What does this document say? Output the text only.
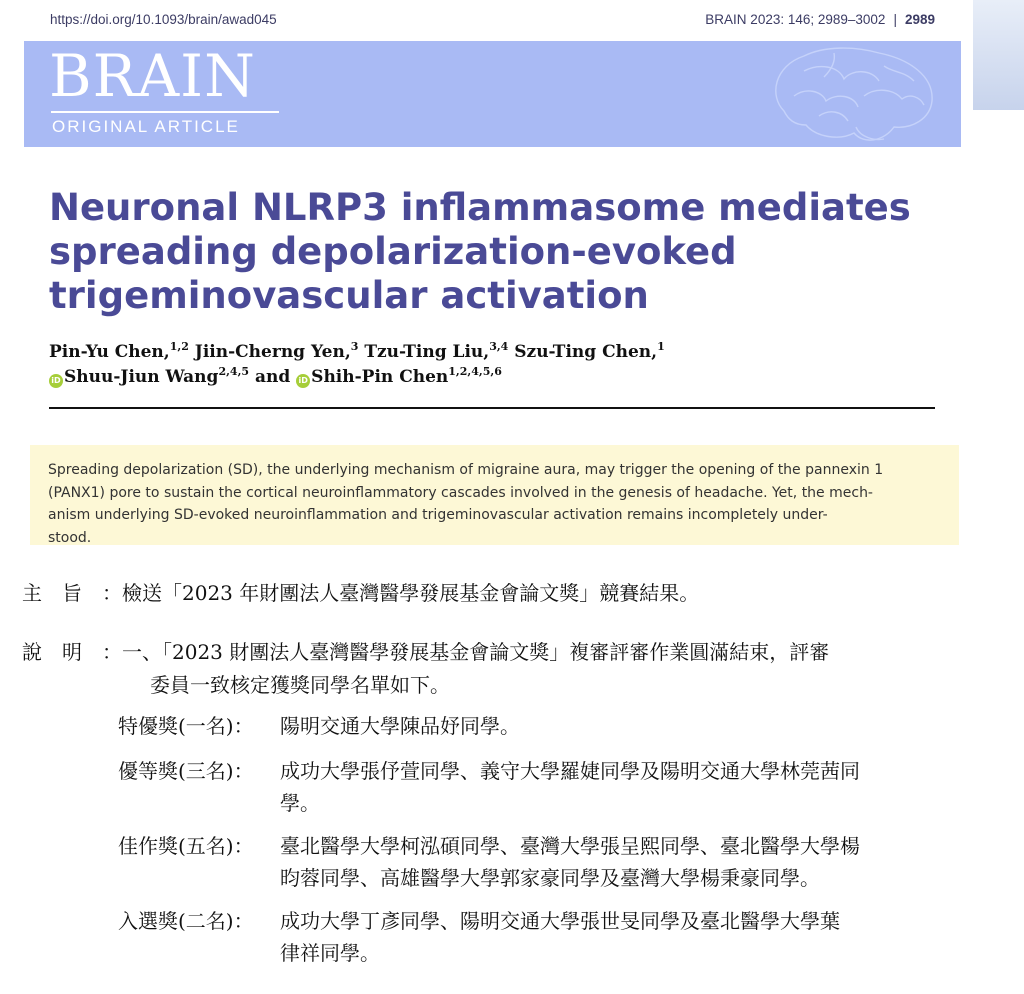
https://doi.org/10.1093/brain/awad045	BRAIN 2023: 146; 2989–3002 | 2989
BRAIN
ORIGINAL ARTICLE
Neuronal NLRP3 inflammasome mediates
spreading depolarization-evoked
trigeminovascular activation
Pin-Yu Chen,$^{1,2}$ Jiin-Cherng Yen,$^3$ Tzu-Ting Liu,$^{3,4}$ Szu-Ting Chen,$^1$
iD Shuu-Jiun Wang$^{2,4,5}$ and iD Shih-Pin Chen$^{1,2,4,5,6}$
Spreading depolarization (SD), the underlying mechanism of migraine aura, may trigger the opening of the pannexin 1
(PANX1) pore to sustain the cortical neuroinflammatory cascades involved in the genesis of headache. Yet, the mech-
anism underlying SD-evoked neuroinflammation and trigeminovascular activation remains incompletely under-
stood.
主旨：檢送「2023 年財團法人臺灣醫學發展基金會論文獎」競賽結果。
說明：一、「2023 財團法人臺灣醫學發展基金會論文獎」複審評審作業圓滿結束，評審
委員一致核定獲獎同學名單如下。
特優獎(一名)： 陽明交通大學陳品妤同學。
優等獎(三名)： 成功大學張伃萱同學、義守大學羅婕同學及陽明交通大學林莞茜同
學。
佳作獎(五名)： 臺北醫學大學柯泓碩同學、臺灣大學張呈熙同學、臺北醫學大學楊
昀蓉同學、高雄醫學大學郭家豪同學及臺灣大學楊秉豪同學。
入選獎(二名)： 成功大學丁彥同學、陽明交通大學張世旻同學及臺北醫學大學葉
律祥同學。
